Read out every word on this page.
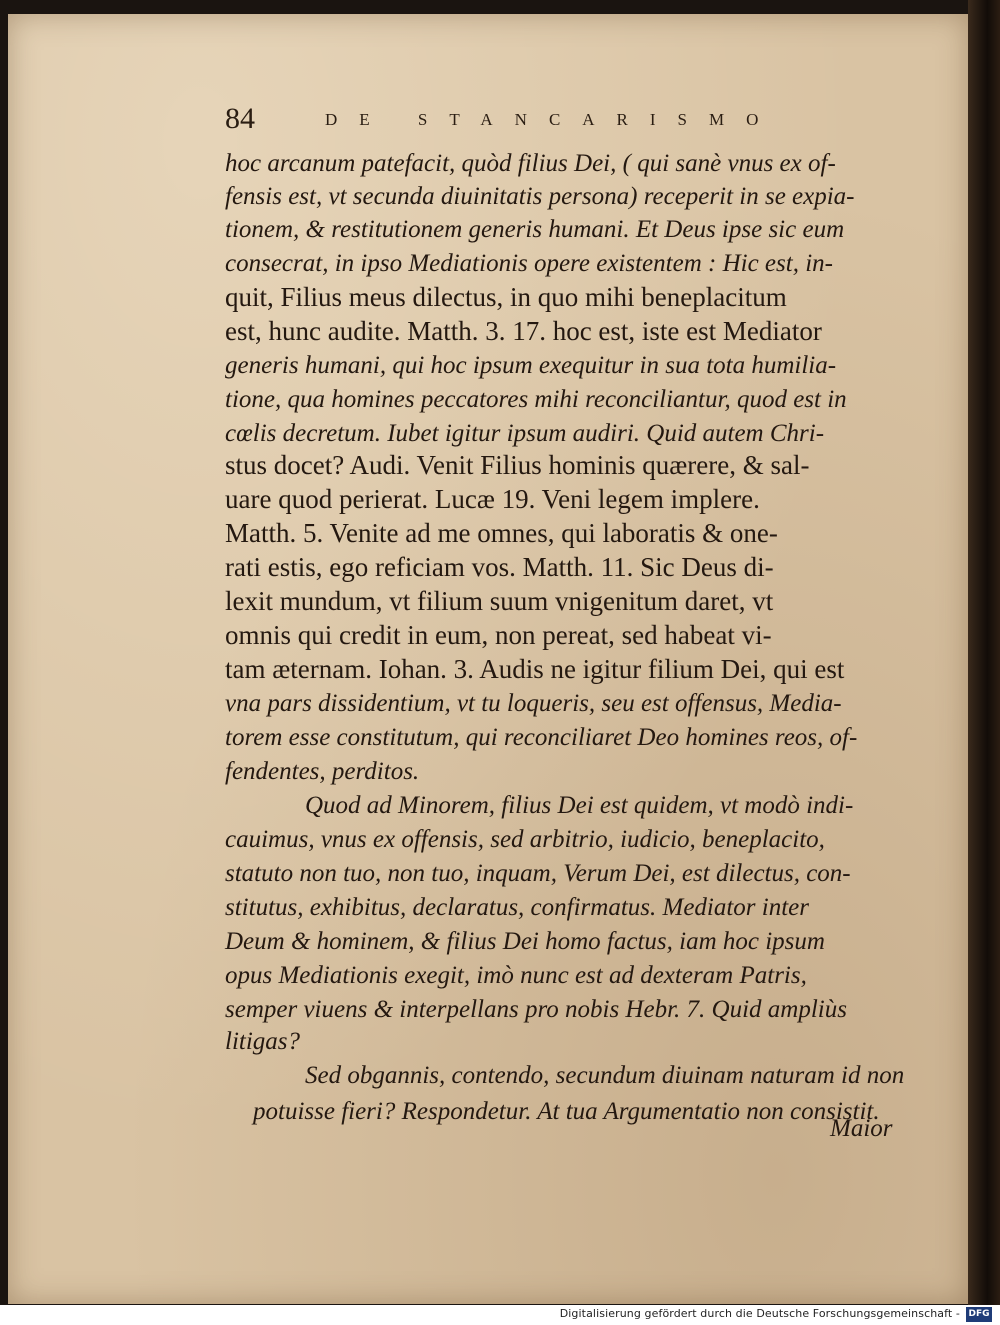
84	DE STANCARISMO
hoc arcanum patefacit, quòd filius Dei, ( qui sanè vnus ex of-
fensis est, vt secunda diuinitatis persona) receperit in se expia-
tionem, & restitutionem generis humani. Et Deus ipse sic eum
consecrat, in ipso Mediationis opere existentem : Hic est, in-
quit, Filius meus dilectus, in quo mihi beneplacitum
est, hunc audite. Matth. 3. 17. hoc est, iste est Mediator
generis humani, qui hoc ipsum exequitur in sua tota humilia-
tione, qua homines peccatores mihi reconciliantur, quod est in
cœlis decretum. Iubet igitur ipsum audiri. Quid autem Chri-
stus docet? Audi. Venit Filius hominis quærere, & sal-
uare quod perierat. Lucæ 19. Veni legem implere.
Matth. 5. Venite ad me omnes, qui laboratis & one-
rati estis, ego reficiam vos. Matth. 11. Sic Deus di-
lexit mundum, vt filium suum vnigenitum daret, vt
omnis qui credit in eum, non pereat, sed habeat vi-
tam æternam. Iohan. 3. Audis ne igitur filium Dei, qui est
vna pars dissidentium, vt tu loqueris, seu est offensus, Media-
torem esse constitutum, qui reconciliaret Deo homines reos, of-
fendentes, perditos.
Quod ad Minorem, filius Dei est quidem, vt modò indi-
cauimus, vnus ex offensis, sed arbitrio, iudicio, beneplacito,
statuto non tuo, non tuo, inquam, Verum Dei, est dilectus, con-
stitutus, exhibitus, declaratus, confirmatus. Mediator inter
Deum & hominem, & filius Dei homo factus, iam hoc ipsum
opus Mediationis exegit, imò nunc est ad dexteram Patris,
semper viuens & interpellans pro nobis Hebr. 7. Quid ampliùs
litigas?
Sed obgannis, contendo, secundum diuinam naturam id non
potuisse fieri? Respondetur. At tua Argumentatio non consistit.
Maior
Digitalisierung gefördert durch die Deutsche Forschungsgemeinschaft - DFG
